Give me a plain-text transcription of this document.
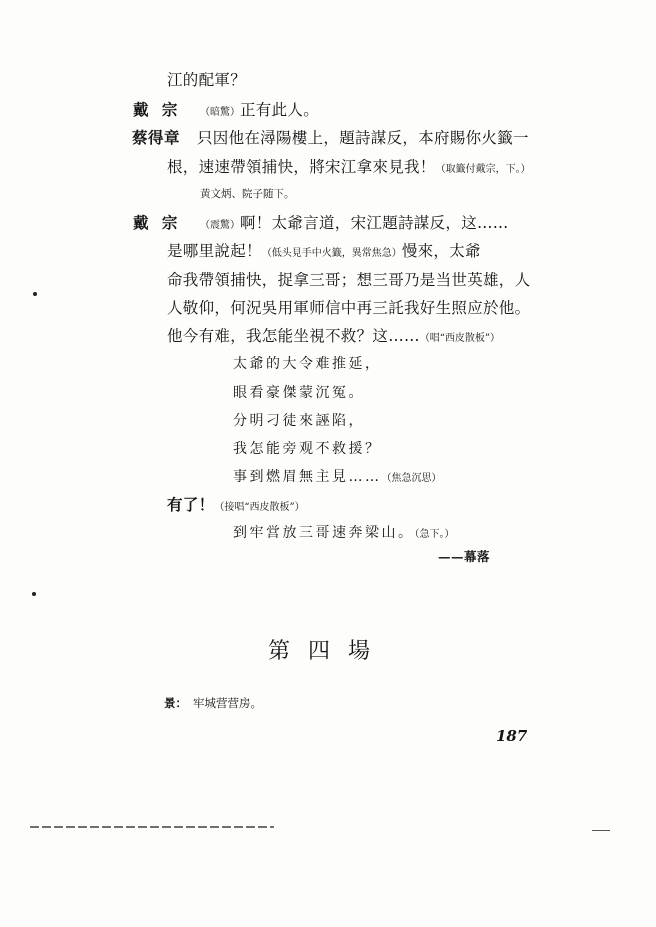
江的配軍？
戴 宗 （暗驚）正有此人。
蔡得章 只因他在潯陽樓上，題詩謀反，本府賜你火籤一
根，速速帶領捕快，將宋江拿來見我！（取籤付戴宗，下。）
黄文炳、院子随下。
戴 宗 （震驚）啊！太爺言道，宋江題詩謀反，这……
是哪里說起！（低头見手中火籤，異常焦急）慢來，太爺
命我帶領捕快，捉拿三哥；想三哥乃是当世英雄，人
人敬仰，何況吳用軍师信中再三託我好生照应於他。
他今有难，我怎能坐視不救？这……（唱“西皮散板”）
太爺的大令难推延，
眼看豪傑蒙沉冤。
分明刁徒來誣陷，
我怎能旁观不救援？
事到燃眉無主見……（焦急沉思）
有了！（接唱“西皮散板”）
到牢営放三哥速奔梁山。（急下。）
——幕落
第四場
景： 牢城营营房。
187
